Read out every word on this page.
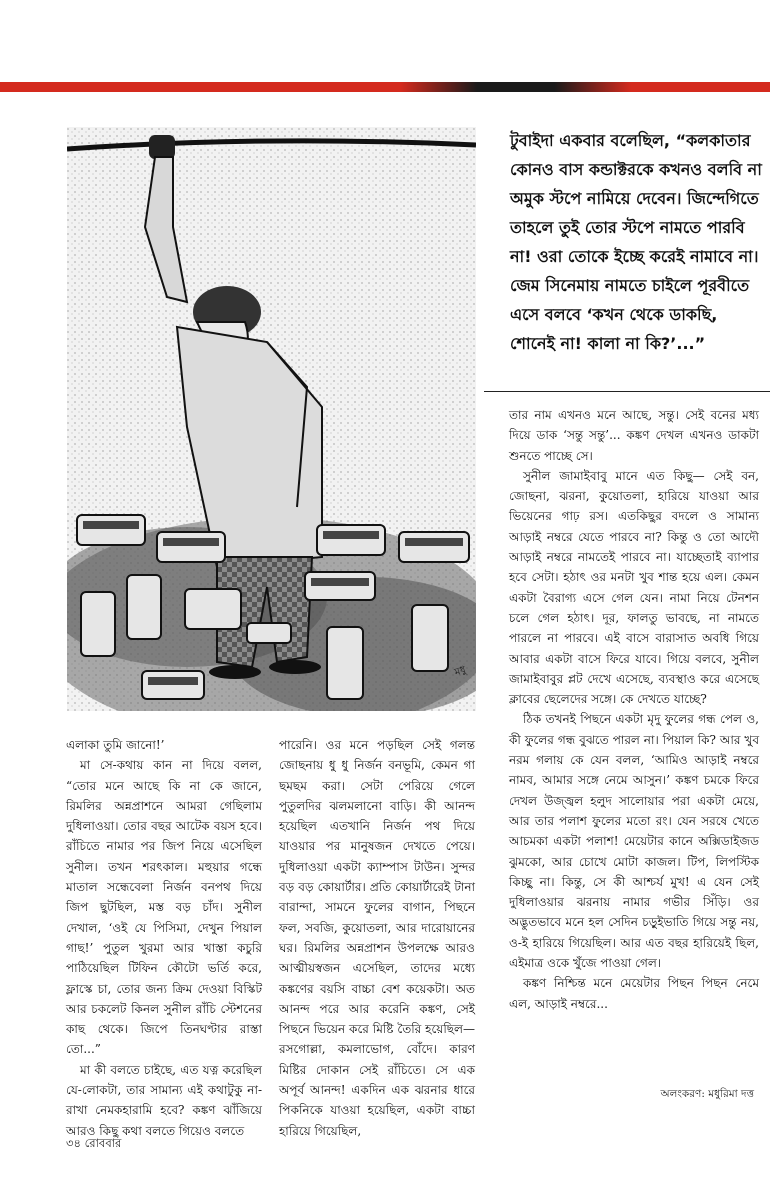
মধু
টুবাইদা একবার বলেছিল, “কলকাতার কোনও বাস কন্ডাক্টরকে কখনও বলবি না অমুক স্টপে নামিয়ে দেবেন। জিন্দেগিতে তাহলে তুই তোর স্টপে নামতে পারবি না! ওরা তোকে ইচ্ছে করেই নামাবে না। জেম সিনেমায় নামতে চাইলে পূরবীতে এসে বলবে ‘কখন থেকে ডাকছি, শোনেই না! কালা না কি?’...”

তার নাম এখনও মনে আছে, সন্তু। সেই বনের মধ্য দিয়ে ডাক ‘সন্তু সন্তু’... কঙ্কণ দেখল এখনও ডাকটা শুনতে পাচ্ছে সে।

সুনীল জামাইবাবু মানে এত কিছু— সেই বন, জোছনা, ঝরনা, কুয়োতলা, হারিয়ে যাওয়া আর ভিয়েনের গাঢ় রস। এতকিছুর বদলে ও সামান্য আড়াই নম্বরে যেতে পারবে না? কিন্তু ও তো আদৌ আড়াই নম্বরে নামতেই পারবে না। যাচ্ছেতাই ব্যাপার হবে সেটা। হঠাৎ ওর মনটা খুব শান্ত হয়ে এল। কেমন একটা বৈরাগ্য এসে গেল যেন। নামা নিয়ে টেনশন চলে গেল হঠাৎ। দূর, ফালতু ভাবছে, না নামতে পারলে না পারবে। এই বাসে বারাসাত অবধি গিয়ে আবার একটা বাসে ফিরে যাবে। গিয়ে বলবে, সুনীল জামাইবাবুর প্লট দেখে এসেছে, ব্যবস্থাও করে এসেছে ক্লাবের ছেলেদের সঙ্গে। কে দেখতে যাচ্ছে?

ঠিক তখনই পিছনে একটা মৃদু ফুলের গন্ধ পেল ও, কী ফুলের গন্ধ বুঝতে পারল না। পিয়াল কি? আর খুব নরম গলায় কে যেন বলল, ‘আমিও আড়াই নম্বরে নামব, আমার সঙ্গে নেমে আসুন।’ কঙ্কণ চমকে ফিরে দেখল উজ্জ্বল হলুদ সালোয়ার পরা একটা মেয়ে, আর তার পলাশ ফুলের মতো রং। যেন সরষে খেতে আচমকা একটা পলাশ! মেয়েটার কানে অক্সিডাইজড ঝুমকো, আর চোখে মোটা কাজল। টিপ, লিপস্টিক কিচ্ছু না। কিন্তু, সে কী আশ্চর্য মুখ! এ যেন সেই দুধিলাওয়ার ঝরনায় নামার গভীর সিঁড়ি। ওর অদ্ভুতভাবে মনে হল সেদিন চড়ুইভাতি গিয়ে সন্তু নয়, ও-ই হারিয়ে গিয়েছিল। আর এত বছর হারিয়েই ছিল, এইমাত্র ওকে খুঁজে পাওয়া গেল।

কঙ্কণ নিশ্চিন্ত মনে মেয়েটার পিছন পিছন নেমে এল, আড়াই নম্বরে...

এলাকা তুমি জানো!’

মা সে-কথায় কান না দিয়ে বলল, “তোর মনে আছে কি না কে জানে, রিমলির অন্নপ্রাশনে আমরা গেছিলাম দুধিলাওয়া। তোর বছর আটেক বয়স হবে। রাঁচিতে নামার পর জিপ নিয়ে এসেছিল সুনীল। তখন শরৎকাল। মহুয়ার গন্ধে মাতাল সন্ধেবেলা নির্জন বনপথ দিয়ে জিপ ছুটছিল, মস্ত বড় চাঁদ। সুনীল দেখাল, ‘ওই যে পিসিমা, দেখুন পিয়াল গাছ!’ পুতুল খুরমা আর খাস্তা কচুরি পাঠিয়েছিল টিফিন কৌটো ভর্তি করে, ফ্লাস্কে চা, তোর জন্য ক্রিম দেওয়া বিস্কিট আর চকলেট কিনল সুনীল রাঁচি স্টেশনের কাছ থেকে। জিপে তিনঘণ্টার রাস্তা তো...”

মা কী বলতে চাইছে, এত যত্ন করেছিল যে-লোকটা, তার সামান্য এই কথাটুকু না-রাখা নেমকহারামি হবে? কঙ্কণ ঝাঁজিয়ে আরও কিছু কথা বলতে গিয়েও বলতে

পারেনি। ওর মনে পড়ছিল সেই গলন্ত জোছনায় ধু ধু নির্জন বনভূমি, কেমন গা ছমছম করা। সেটা পেরিয়ে গেলে পুতুলদির ঝলমলানো বাড়ি। কী আনন্দ হয়েছিল এতখানি নির্জন পথ দিয়ে যাওয়ার পর মানুষজন দেখতে পেয়ে। দুধিলাওয়া একটা ক্যাম্পাস টাউন। সুন্দর বড় বড় কোয়ার্টার। প্রতি কোয়ার্টারেই টানা বারান্দা, সামনে ফুলের বাগান, পিছনে ফল, সবজি, কুয়োতলা, আর দারোয়ানের ঘর। রিমলির অন্নপ্রাশন উপলক্ষে আরও আত্মীয়স্বজন এসেছিল, তাদের মধ্যে কঙ্কণের বয়সি বাচ্চা বেশ কয়েকটা। অত আনন্দ পরে আর করেনি কঙ্কণ, সেই পিছনে ভিয়েন করে মিষ্টি তৈরি হয়েছিল— রসগোল্লা, কমলাভোগ, বোঁদে। কারণ মিষ্টির দোকান সেই রাঁচিতে। সে এক অপূর্ব আনন্দ! একদিন এক ঝরনার ধারে পিকনিকে যাওয়া হয়েছিল, একটা বাচ্চা হারিয়ে গিয়েছিল,

অলংকরণ: মধুরিমা দত্ত
৩৪ রোববার
